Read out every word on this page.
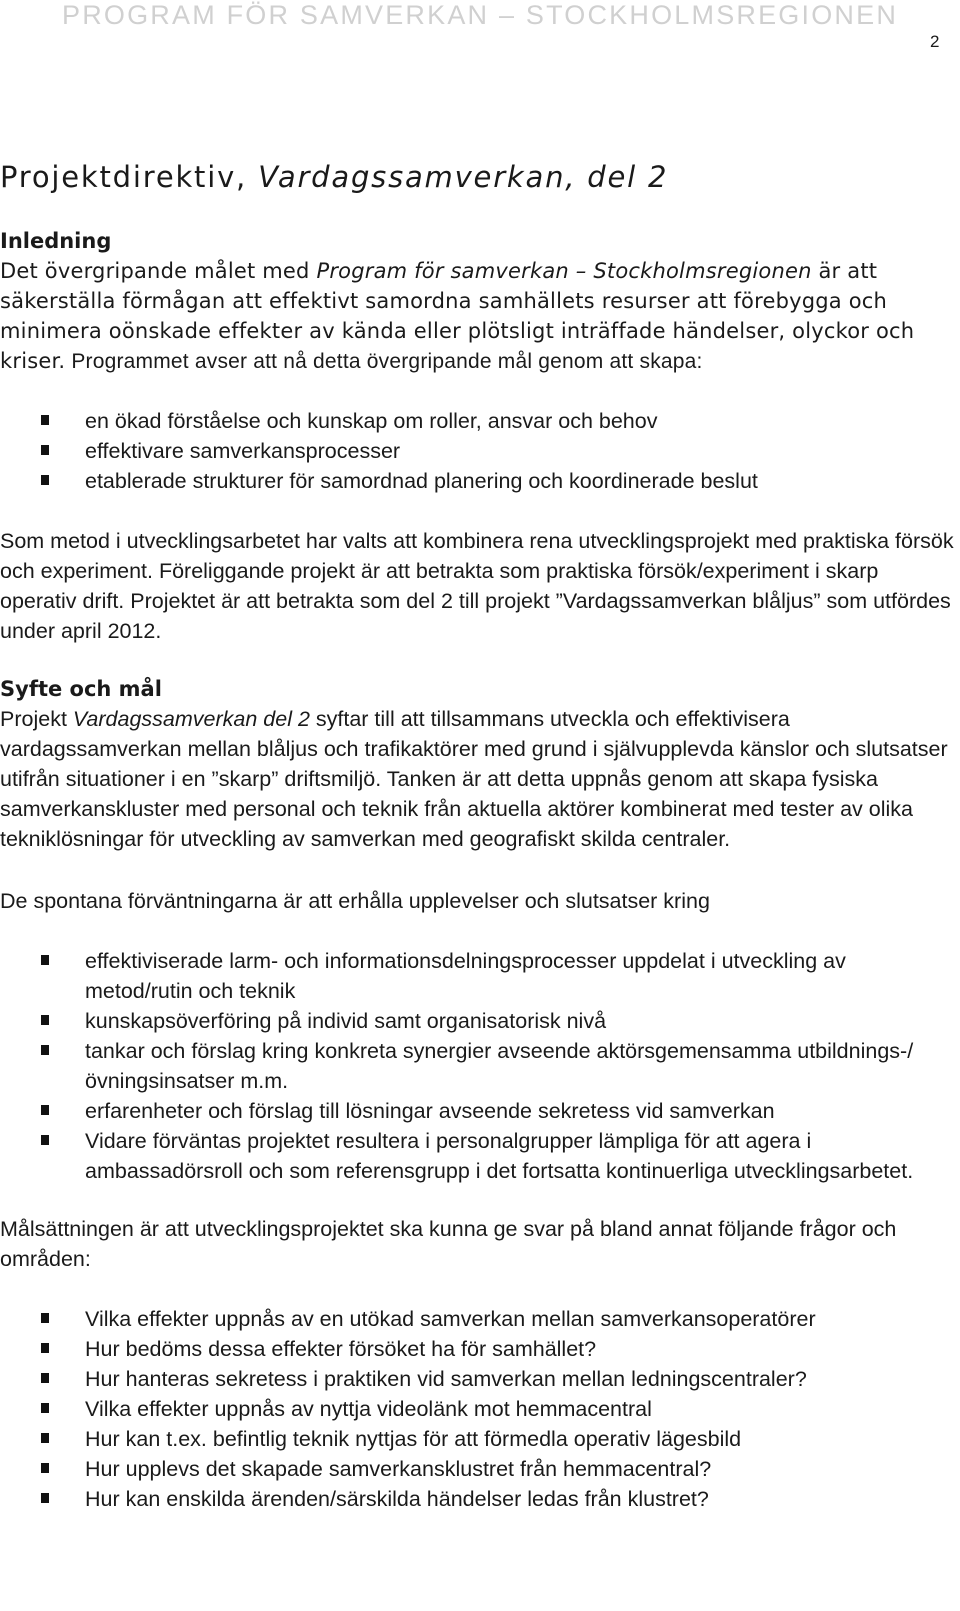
PROGRAM FÖR SAMVERKAN – STOCKHOLMSREGIONEN
2
Projektdirektiv, Vardagssamverkan, del 2
Inledning

Det övergripande målet med Program för samverkan – Stockholmsregionen är att säkerställa förmågan att effektivt samordna samhällets resurser att förebygga och minimera oönskade effekter av kända eller plötsligt inträffade händelser, olyckor och kriser. Programmet avser att nå detta övergripande mål genom att skapa:

en ökad förståelse och kunskap om roller, ansvar och behov
effektivare samverkansprocesser
etablerade strukturer för samordnad planering och koordinerade beslut

Som metod i utvecklingsarbetet har valts att kombinera rena utvecklingsprojekt med praktiska försök och experiment. Föreliggande projekt är att betrakta som praktiska försök/experiment i skarp operativ drift. Projektet är att betrakta som del 2 till projekt ”Vardagssamverkan blåljus” som utfördes under april 2012.

Syfte och mål

Projekt Vardagssamverkan del 2 syftar till att tillsammans utveckla och effektivisera vardagssamverkan mellan blåljus och trafikaktörer med grund i självupplevda känslor och slutsatser utifrån situationer i en ”skarp” driftsmiljö. Tanken är att detta uppnås genom att skapa fysiska samverkanskluster med personal och teknik från aktuella aktörer kombinerat med tester av olika tekniklösningar för utveckling av samverkan med geografiskt skilda centraler.

De spontana förväntningarna är att erhålla upplevelser och slutsatser kring

effektiviserade larm- och informationsdelningsprocesser uppdelat i utveckling av metod/rutin och teknik
kunskapsöverföring på individ samt organisatorisk nivå
tankar och förslag kring konkreta synergier avseende aktörsgemensamma utbildnings-/övningsinsatser m.m.
erfarenheter och förslag till lösningar avseende sekretess vid samverkan
Vidare förväntas projektet resultera i personalgrupper lämpliga för att agera i ambassadörsroll och som referensgrupp i det fortsatta kontinuerliga utvecklingsarbetet.

Målsättningen är att utvecklingsprojektet ska kunna ge svar på bland annat följande frågor och områden:

Vilka effekter uppnås av en utökad samverkan mellan samverkansoperatörer
Hur bedöms dessa effekter försöket ha för samhället?
Hur hanteras sekretess i praktiken vid samverkan mellan ledningscentraler?
Vilka effekter uppnås av nyttja videolänk mot hemmacentral
Hur kan t.ex. befintlig teknik nyttjas för att förmedla operativ lägesbild
Hur upplevs det skapade samverkansklustret från hemmacentral?
Hur kan enskilda ärenden/särskilda händelser ledas från klustret?
